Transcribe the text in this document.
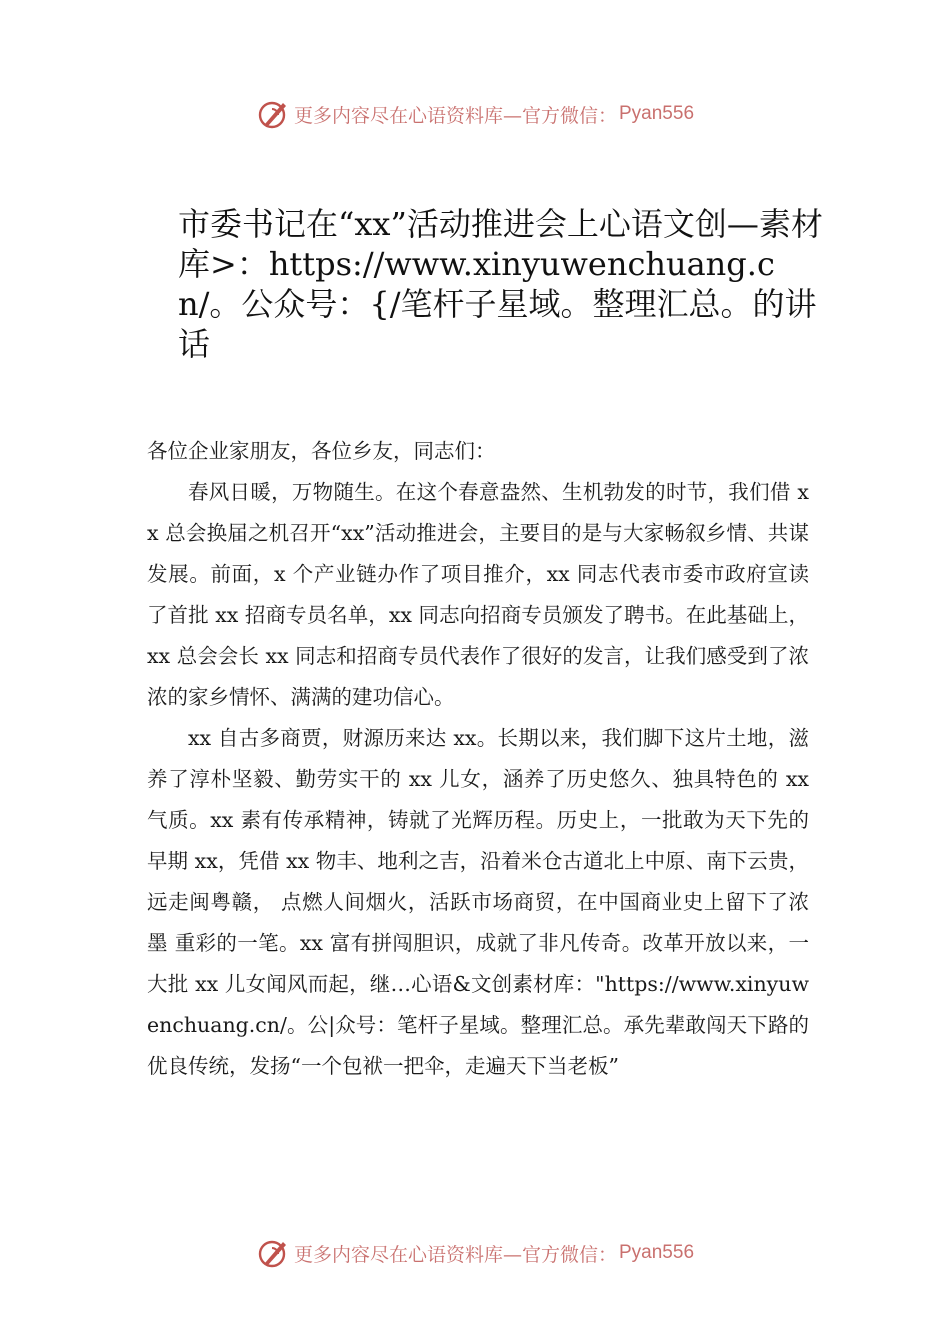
更多内容尽在心语资料库—官方微信： Pyan556
市委书记在“xx”活动推进会上心语文创—素材库>：https://www.xinyuwenchuang.cn/。公众号：{/笔杆子星域。整理汇总。的讲话

各位企业家朋友，各位乡友，同志们：

春风日暖，万物随生。在这个春意盎然、生机勃发的时节，我们借 xx 总会换届之机召开“xx”活动推进会，主要目的是与大家畅叙乡情、共谋发展。前面，x 个产业链办作了项目推介，xx 同志代表市委市政府宣读了首批 xx 招商专员名单，xx 同志向招商专员颁发了聘书。在此基础上，xx 总会会长 xx 同志和招商专员代表作了很好的发言，让我们感受到了浓浓的家乡情怀、满满的建功信心。

xx 自古多商贾，财源历来达 xx。长期以来，我们脚下这片土地，滋养了淳朴坚毅、勤劳实干的 xx 儿女，涵养了历史悠久、独具特色的 xx 气质。xx 素有传承精神，铸就了光辉历程。历史上，一批敢为天下先的早期 xx，凭借 xx 物丰、地利之吉，沿着米仓古道北上中原、南下云贵，远走闽粤赣， 点燃人间烟火，活跃市场商贸，在中国商业史上留下了浓墨 重彩的一笔。xx 富有拼闯胆识，成就了非凡传奇。改革开放以来，一大批 xx 儿女闻风而起，继…心语&文创素材库："https://www.xinyuwenchuang.cn/。公|众号：笔杆子星域。整理汇总。承先辈敢闯天下路的优良传统，发扬“一个包袱一把伞，走遍天下当老板”

更多内容尽在心语资料库—官方微信： Pyan556
